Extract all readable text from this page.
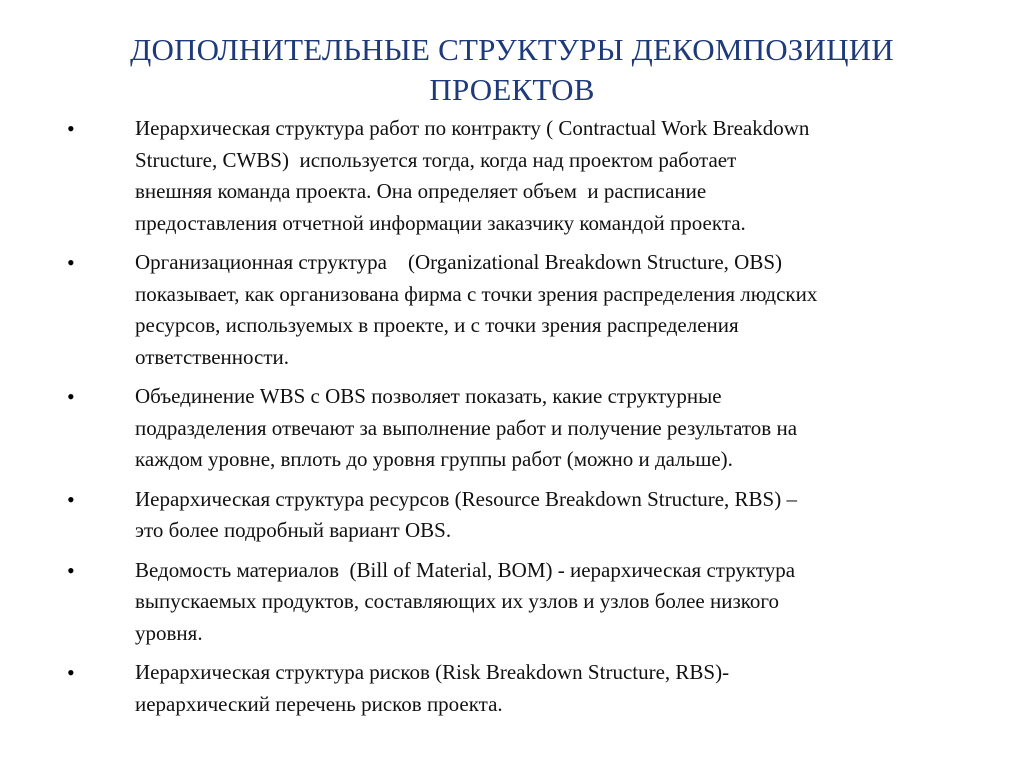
ДОПОЛНИТЕЛЬНЫЕ СТРУКТУРЫ ДЕКОМПОЗИЦИИ
ПРОЕКТОВ
•	Иерархическая структура работ по контракту ( Contractual Work Breakdown
Structure, CWBS)  используется тогда, когда над проектом работает
внешняя команда проекта. Она определяет объем  и расписание
предоставления отчетной информации заказчику командой проекта.
•	Организационная структура    (Organizational Breakdown Structure, OBS)
показывает, как организована фирма с точки зрения распределения людских
ресурсов, используемых в проекте, и с точки зрения распределения
ответственности.
•	Объединение WBS с OBS позволяет показать, какие структурные
подразделения отвечают за выполнение работ и получение результатов на
каждом уровне, вплоть до уровня группы работ (можно и дальше).
•	Иерархическая структура ресурсов (Resource Breakdown Structure, RBS) –
это более подробный вариант OBS.
•	Ведомость материалов  (Bill of Material, BOM) - иерархическая структура
выпускаемых продуктов, составляющих их узлов и узлов более низкого
уровня.
•	Иерархическая структура рисков (Risk Breakdown Structure, RBS)-
иерархический перечень рисков проекта.
